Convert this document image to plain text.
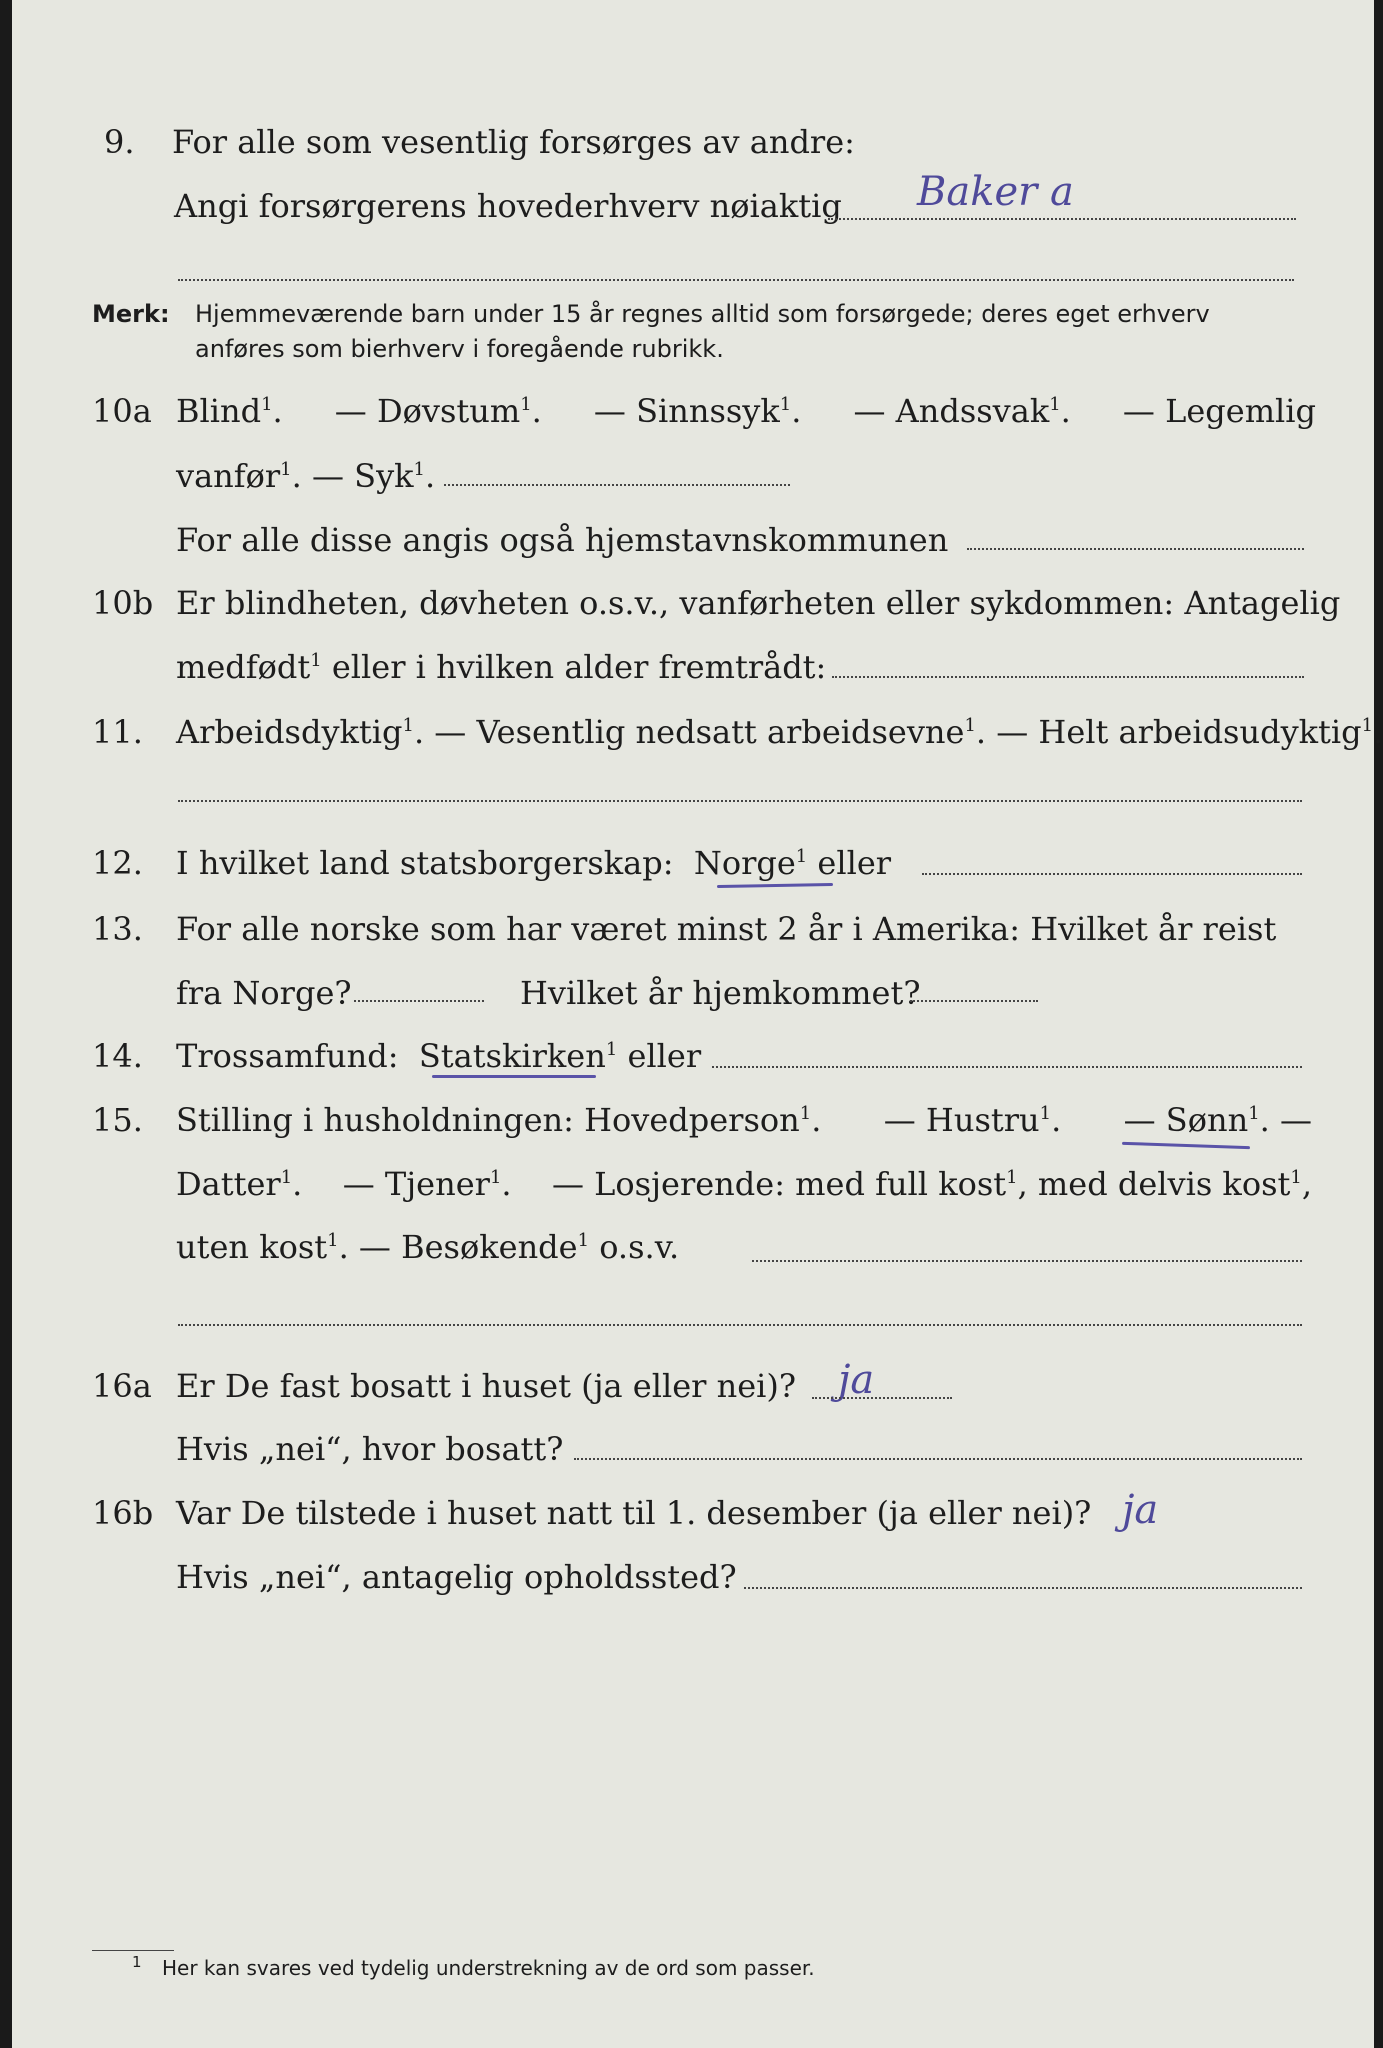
9. For alle som vesentlig forsørges av andre:
Angi forsørgerens hovederhverv nøiaktig Baker a
Merk: Hjemmeværende barn under 15 år regnes alltid som forsørgede; deres eget erhverv
anføres som bierhverv i foregående rubrikk.
10a Blind$^1$. — Døvstum$^1$. — Sinnssyk$^1$. — Andssvak$^1$. — Legemlig
vanfør$^1$. — Syk$^1$.
For alle disse angis også hjemstavnskommunen
10b Er blindheten, døvheten o.s.v., vanførheten eller sykdommen: Antagelig
medfødt$^1$ eller i hvilken alder fremtrådt:
11. Arbeidsdyktig$^1$. — Vesentlig nedsatt arbeidsevne$^1$. — Helt arbeidsudyktig$^1$.
12. I hvilket land statsborgerskap: Norge$^1$ eller
13. For alle norske som har været minst 2 år i Amerika: Hvilket år reist
fra Norge?	Hvilket år hjemkommet?
14. Trossamfund: Statskirken$^1$ eller
15. Stilling i husholdningen: Hovedperson$^1$. — Hustru$^1$. — Sønn$^1$. —
Datter$^1$. — Tjener$^1$. — Losjerende: med full kost$^1$, med delvis kost$^1$,
uten kost$^1$. — Besøkende$^1$ o.s.v.
16a Er De fast bosatt i huset (ja eller nei)? ja
Hvis „nei“, hvor bosatt?
16b Var De tilstede i huset natt til 1. desember (ja eller nei)? ja
Hvis „nei“, antagelig opholdssted?
1 Her kan svares ved tydelig understrekning av de ord som passer.
